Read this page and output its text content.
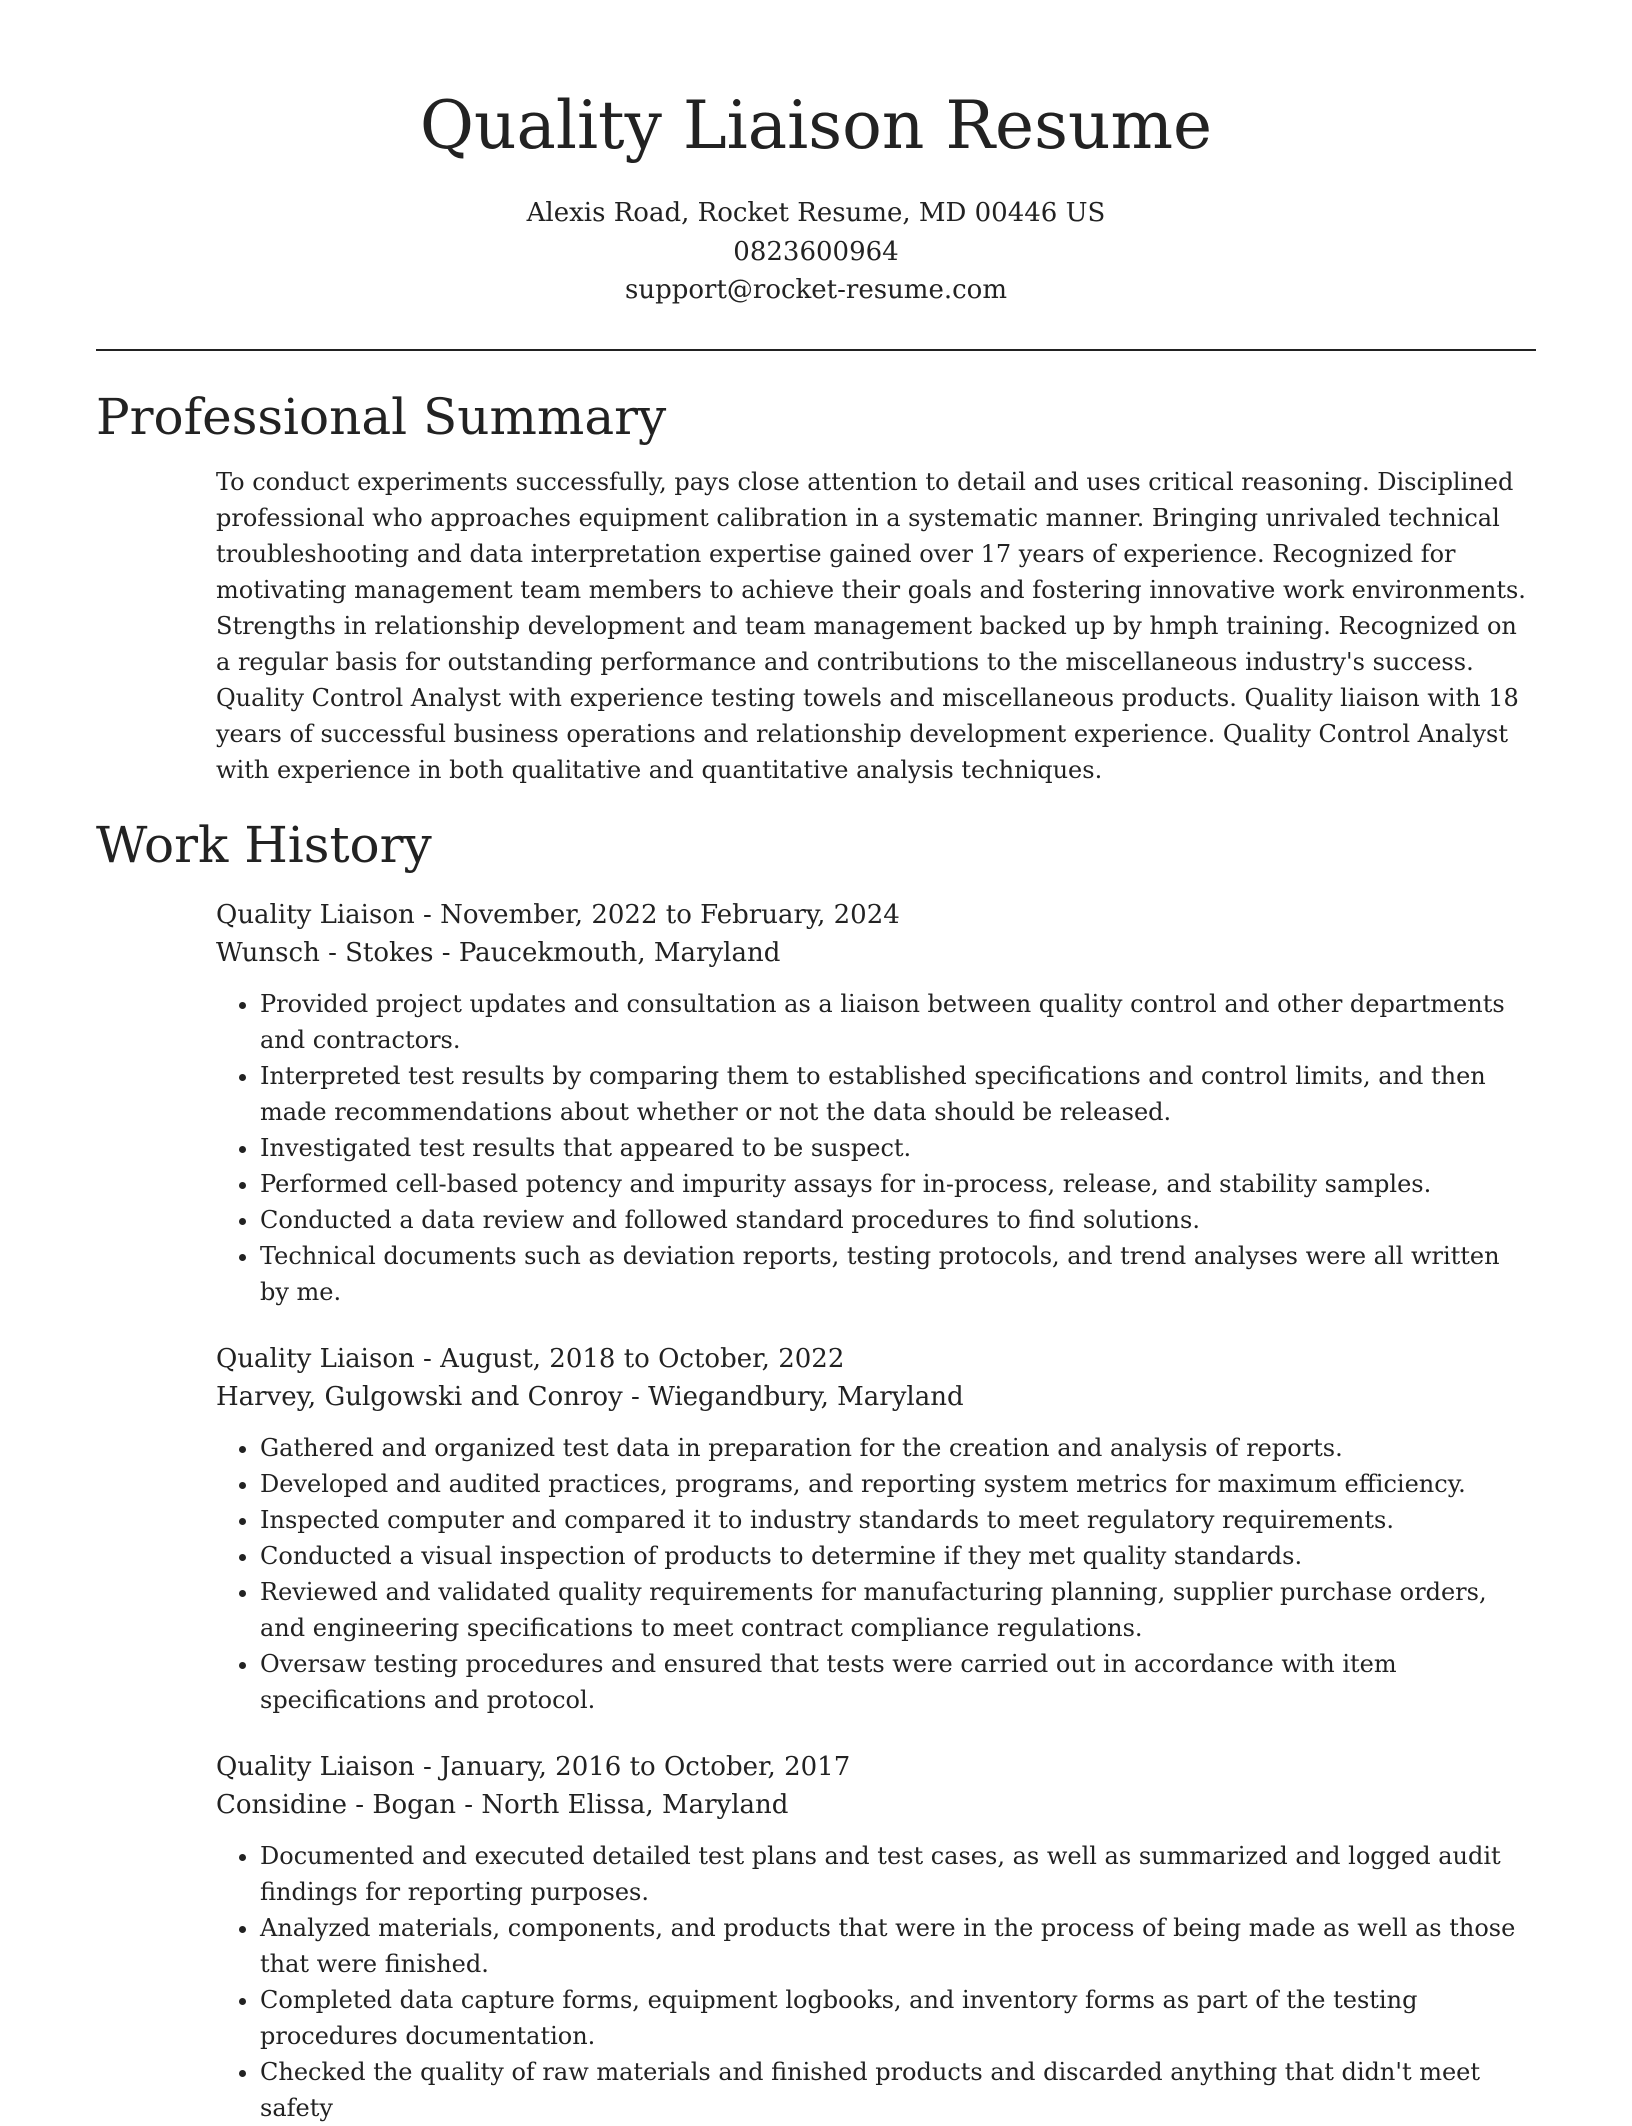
Quality Liaison Resume
Alexis Road, Rocket Resume, MD 00446 US
0823600964
support@rocket-resume.com
Professional Summary

To conduct experiments successfully, pays close attention to detail and uses critical reasoning. Disciplined professional who approaches equipment calibration in a systematic manner. Bringing unrivaled technical troubleshooting and data interpretation expertise gained over 17 years of experience. Recognized for motivating management team members to achieve their goals and fostering innovative work environments. Strengths in relationship development and team management backed up by hmph training. Recognized on a regular basis for outstanding performance and contributions to the miscellaneous industry's success. Quality Control Analyst with experience testing towels and miscellaneous products. Quality liaison with 18 years of successful business operations and relationship development experience. Quality Control Analyst with experience in both qualitative and quantitative analysis techniques.

Work History
Quality Liaison - November, 2022 to February, 2024
Wunsch - Stokes - Paucekmouth, Maryland
• Provided project updates and consultation as a liaison between quality control and other departments and contractors.
• Interpreted test results by comparing them to established specifications and control limits, and then made recommendations about whether or not the data should be released.
• Investigated test results that appeared to be suspect.
• Performed cell-based potency and impurity assays for in-process, release, and stability samples.
• Conducted a data review and followed standard procedures to find solutions.
• Technical documents such as deviation reports, testing protocols, and trend analyses were all written by me.
Quality Liaison - August, 2018 to October, 2022
Harvey, Gulgowski and Conroy - Wiegandbury, Maryland
• Gathered and organized test data in preparation for the creation and analysis of reports.
• Developed and audited practices, programs, and reporting system metrics for maximum efficiency.
• Inspected computer and compared it to industry standards to meet regulatory requirements.
• Conducted a visual inspection of products to determine if they met quality standards.
• Reviewed and validated quality requirements for manufacturing planning, supplier purchase orders, and engineering specifications to meet contract compliance regulations.
• Oversaw testing procedures and ensured that tests were carried out in accordance with item specifications and protocol.
Quality Liaison - January, 2016 to October, 2017
Considine - Bogan - North Elissa, Maryland
• Documented and executed detailed test plans and test cases, as well as summarized and logged audit findings for reporting purposes.
• Analyzed materials, components, and products that were in the process of being made as well as those that were finished.
• Completed data capture forms, equipment logbooks, and inventory forms as part of the testing procedures documentation.
• Checked the quality of raw materials and finished products and discarded anything that didn't meet safety
